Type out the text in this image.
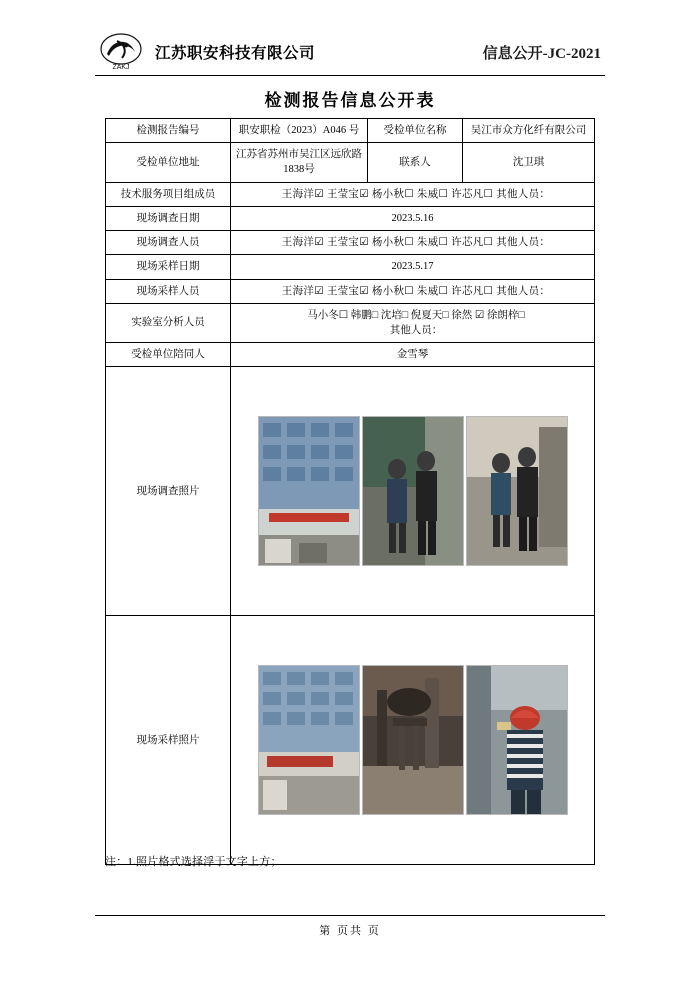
ZAKJ
江苏职安科技有限公司	信息公开-JC-2021
检测报告信息公开表
检测报告编号	职安职检（2023）A046 号	受检单位名称	吴江市众方化纤有限公司
受检单位地址	江苏省苏州市吴江区远欣路1838号	联系人	沈卫琪
技术服务项目组成员	王海洋☑ 王莹宝☑ 杨小秋☐ 朱威☐ 许芯凡☐ 其他人员：		
现场调查日期	2023.5.16		
现场调查人员	王海洋☑ 王莹宝☑ 杨小秋☐ 朱威☐ 许芯凡☐ 其他人员：		
现场采样日期	2023.5.17		
现场采样人员	王海洋☑ 王莹宝☑ 杨小秋☐ 朱威☐ 许芯凡☐ 其他人员：		
实验室分析人员	马小冬☐ 韩鹏□ 沈培□ 倪夏天□ 徐然 ☑ 徐朗梓□
其他人员：		

受检单位陪同人	金雪琴		
现场调查照片	

现场采样照片	
注：1.照片格式选择浮于文字上方；
第 页共 页
